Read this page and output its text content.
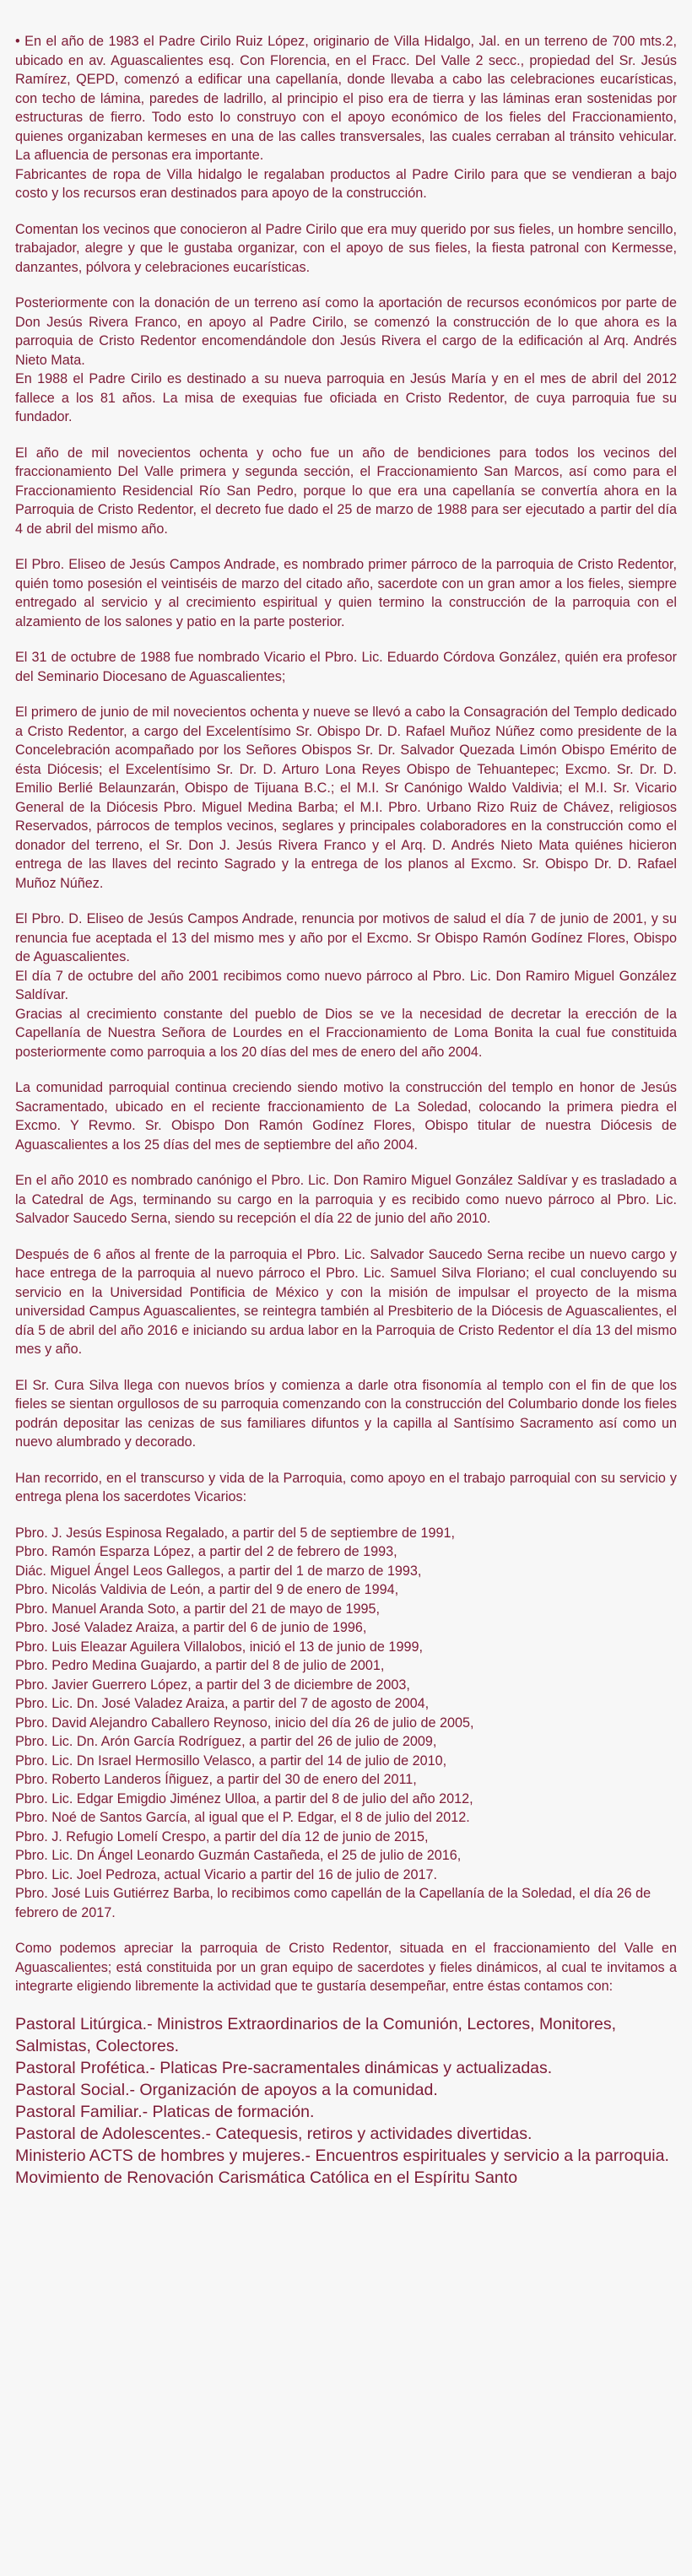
• En el año de 1983 el Padre Cirilo Ruiz López, originario de Villa Hidalgo, Jal. en un terreno de 700 mts.2, ubicado en av. Aguascalientes esq. Con Florencia, en el Fracc. Del Valle 2 secc., propiedad del Sr. Jesús Ramírez, QEPD, comenzó a edificar una capellanía, donde llevaba a cabo las celebraciones eucarísticas, con techo de lámina, paredes de ladrillo, al principio el piso era de tierra y las láminas eran sostenidas por estructuras de fierro. Todo esto lo construyo con el apoyo económico de los fieles del Fraccionamiento, quienes organizaban kermeses en una de las calles transversales, las cuales cerraban al tránsito vehicular. La afluencia de personas era importante.
Fabricantes de ropa de Villa hidalgo le regalaban productos al Padre Cirilo para que se vendieran a bajo costo y los recursos eran destinados para apoyo de la construcción.
Comentan los vecinos que conocieron al Padre Cirilo que era muy querido por sus fieles, un hombre sencillo, trabajador, alegre y que le gustaba organizar, con el apoyo de sus fieles, la fiesta patronal con Kermesse, danzantes, pólvora y celebraciones eucarísticas.
Posteriormente con la donación de un terreno así como la aportación de recursos económicos por parte de Don Jesús Rivera Franco, en apoyo al Padre Cirilo, se comenzó la construcción de lo que ahora es la parroquia de Cristo Redentor encomendándole don Jesús Rivera el cargo de la edificación al Arq. Andrés Nieto Mata.
En 1988 el Padre Cirilo es destinado a su nueva parroquia en Jesús María y en el mes de abril del 2012 fallece a los 81 años. La misa de exequias fue oficiada en Cristo Redentor, de cuya parroquia fue su fundador.
El año de mil novecientos ochenta y ocho fue un año de bendiciones para todos los vecinos del fraccionamiento Del Valle primera y segunda sección, el Fraccionamiento San Marcos, así como para el Fraccionamiento Residencial Río San Pedro, porque lo que era una capellanía se convertía ahora en la Parroquia de Cristo Redentor, el decreto fue dado el 25 de marzo de 1988 para ser ejecutado a partir del día 4 de abril del mismo año.
El Pbro. Eliseo de Jesús Campos Andrade, es nombrado primer párroco de la parroquia de Cristo Redentor, quién tomo posesión el veintiséis de marzo del citado año, sacerdote con un gran amor a los fieles, siempre entregado al servicio y al crecimiento espiritual y quien termino la construcción de la parroquia con el alzamiento de los salones y patio en la parte posterior.
El 31 de octubre de 1988 fue nombrado Vicario el Pbro. Lic. Eduardo Córdova González, quién era profesor del Seminario Diocesano de Aguascalientes;
El primero de junio de mil novecientos ochenta y nueve se llevó a cabo la Consagración del Templo dedicado a Cristo Redentor, a cargo del Excelentísimo Sr. Obispo Dr. D. Rafael Muñoz Núñez como presidente de la Concelebración acompañado por los Señores Obispos Sr. Dr. Salvador Quezada Limón Obispo Emérito de ésta Diócesis; el Excelentísimo Sr. Dr. D. Arturo Lona Reyes Obispo de Tehuantepec; Excmo. Sr. Dr. D. Emilio Berlié Belaunzarán, Obispo de Tijuana B.C.; el M.I. Sr Canónigo Waldo Valdivia; el M.I. Sr. Vicario General de la Diócesis Pbro. Miguel Medina Barba; el M.I. Pbro. Urbano Rizo Ruiz de Chávez, religiosos Reservados, párrocos de templos vecinos, seglares y principales colaboradores en la construcción como el donador del terreno, el Sr. Don J. Jesús Rivera Franco y el Arq. D. Andrés Nieto Mata quiénes hicieron entrega de las llaves del recinto Sagrado y la entrega de los planos al Excmo. Sr. Obispo Dr. D. Rafael Muñoz Núñez.
El Pbro. D. Eliseo de Jesús Campos Andrade, renuncia por motivos de salud el día 7 de junio de 2001, y su renuncia fue aceptada el 13 del mismo mes y año por el Excmo. Sr Obispo Ramón Godínez Flores, Obispo de Aguascalientes.
El día 7 de octubre del año 2001 recibimos como nuevo párroco al Pbro. Lic. Don Ramiro Miguel González Saldívar.
Gracias al crecimiento constante del pueblo de Dios se ve la necesidad de decretar la erección de la Capellanía de Nuestra Señora de Lourdes en el Fraccionamiento de Loma Bonita la cual fue constituida posteriormente como parroquia a los 20 días del mes de enero del año 2004.
La comunidad parroquial continua creciendo siendo motivo la construcción del templo en honor de Jesús Sacramentado, ubicado en el reciente fraccionamiento de La Soledad, colocando la primera piedra el Excmo. Y Revmo. Sr. Obispo Don Ramón Godínez Flores, Obispo titular de nuestra Diócesis de Aguascalientes a los 25 días del mes de septiembre del año 2004.
En el año 2010 es nombrado canónigo el Pbro. Lic. Don Ramiro Miguel González Saldívar y es trasladado a la Catedral de Ags, terminando su cargo en la parroquia y es recibido como nuevo párroco al Pbro. Lic. Salvador Saucedo Serna, siendo su recepción el día 22 de junio del año 2010.
Después de 6 años al frente de la parroquia el Pbro. Lic. Salvador Saucedo Serna recibe un nuevo cargo y hace entrega de la parroquia al nuevo párroco el Pbro. Lic. Samuel Silva Floriano; el cual concluyendo su servicio en la Universidad Pontificia de México y con la misión de impulsar el proyecto de la misma universidad Campus Aguascalientes, se reintegra también al Presbiterio de la Diócesis de Aguascalientes, el día 5 de abril del año 2016 e iniciando su ardua labor en la Parroquia de Cristo Redentor el día 13 del mismo mes y año.
El Sr. Cura Silva llega con nuevos bríos y comienza a darle otra fisonomía al templo con el fin de que los fieles se sientan orgullosos de su parroquia comenzando con la construcción del Columbario donde los fieles podrán depositar las cenizas de sus familiares difuntos y la capilla al Santísimo Sacramento así como un nuevo alumbrado y decorado.
Han recorrido, en el transcurso y vida de la Parroquia, como apoyo en el trabajo parroquial con su servicio y entrega plena los sacerdotes Vicarios:
Pbro. J. Jesús Espinosa Regalado, a partir del 5 de septiembre de 1991,
Pbro. Ramón Esparza López, a partir del 2 de febrero de 1993,
Diác. Miguel Ángel Leos Gallegos, a partir del 1 de marzo de 1993,
Pbro. Nicolás Valdivia de León, a partir del 9 de enero de 1994,
Pbro. Manuel Aranda Soto, a partir del 21 de mayo de 1995,
Pbro. José Valadez Araiza, a partir del 6 de junio de 1996,
Pbro. Luis Eleazar Aguilera Villalobos, inició el 13 de junio de 1999,
Pbro. Pedro Medina Guajardo, a partir del 8 de julio de 2001,
Pbro. Javier Guerrero López, a partir del 3 de diciembre de 2003,
Pbro. Lic. Dn. José Valadez Araiza, a partir del 7 de agosto de 2004,
Pbro. David Alejandro Caballero Reynoso, inicio del día 26 de julio de 2005,
Pbro. Lic. Dn. Arón García Rodríguez, a partir del 26 de julio de 2009,
Pbro. Lic. Dn Israel Hermosillo Velasco, a partir del 14 de julio de 2010,
Pbro. Roberto Landeros Íñiguez, a partir del 30 de enero del 2011,
Pbro. Lic. Edgar Emigdio Jiménez Ulloa, a partir del 8 de julio del año 2012,
Pbro. Noé de Santos García, al igual que el P. Edgar, el 8 de julio del 2012.
Pbro. J. Refugio Lomelí Crespo, a partir del día 12 de junio de 2015,
Pbro. Lic. Dn Ángel Leonardo Guzmán Castañeda, el 25 de julio de 2016,
Pbro. Lic. Joel Pedroza, actual Vicario a partir del 16 de julio de 2017.
Pbro. José Luis Gutiérrez Barba, lo recibimos como capellán de la Capellanía de la Soledad, el día 26 de febrero de 2017.
Como podemos apreciar la parroquia de Cristo Redentor, situada en el fraccionamiento del Valle en Aguascalientes; está constituida por un gran equipo de sacerdotes y fieles dinámicos, al cual te invitamos a integrarte eligiendo libremente la actividad que te gustaría desempeñar, entre éstas contamos con:
Pastoral Litúrgica.- Ministros Extraordinarios de la Comunión, Lectores, Monitores, Salmistas, Colectores.
Pastoral Profética.- Platicas Pre-sacramentales dinámicas y actualizadas.
Pastoral Social.- Organización de apoyos a la comunidad.
Pastoral Familiar.- Platicas de formación.
Pastoral de Adolescentes.- Catequesis, retiros y actividades divertidas.
Ministerio ACTS de hombres y mujeres.- Encuentros espirituales y servicio a la parroquia.
Movimiento de Renovación Carismática Católica en el Espíritu Santo
